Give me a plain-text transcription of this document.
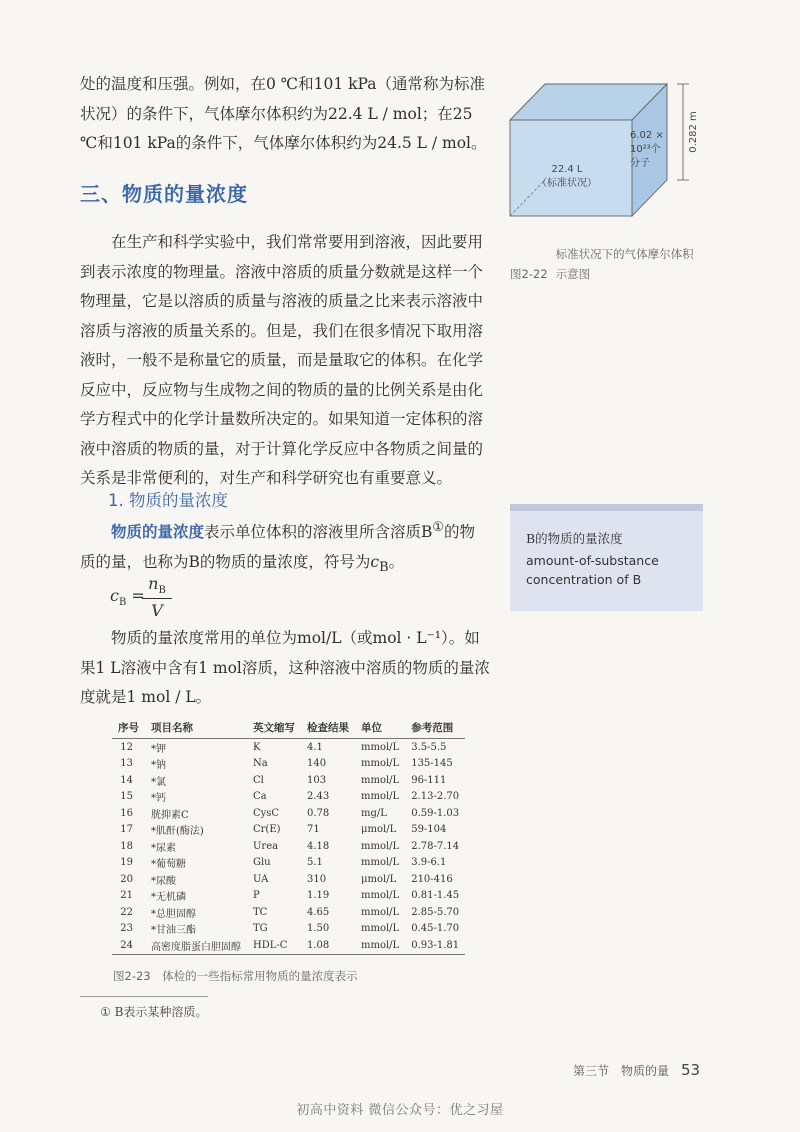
处的温度和压强。例如，在0 ℃和101 kPa（通常称为标准状况）的条件下，气体摩尔体积约为22.4 L / mol；在25 ℃和101 kPa的条件下，气体摩尔体积约为24.5 L / mol。

三、物质的量浓度

在生产和科学实验中，我们常常要用到溶液，因此要用到表示浓度的物理量。溶液中溶质的质量分数就是这样一个物理量，它是以溶质的质量与溶液的质量之比来表示溶液中溶质与溶液的质量关系的。但是，我们在很多情况下取用溶液时，一般不是称量它的质量，而是量取它的体积。在化学反应中，反应物与生成物之间的物质的量的比例关系是由化学方程式中的化学计量数所决定的。如果知道一定体积的溶液中溶质的物质的量，对于计算化学反应中各物质之间量的关系是非常便利的，对生产和科学研究也有重要意义。

1. 物质的量浓度

物质的量浓度表示单位体积的溶液里所含溶质B①的物质的量，也称为B的物质的量浓度，符号为$c_B$。

$c_B$ =
$\frac{n_B}{V}$

物质的量浓度常用的单位为mol/L（或mol · L⁻¹）。如果1 L溶液中含有1 mol溶质，这种溶液中溶质的物质的量浓度就是1 mol / L。

0.282 m
6.02 ×
10²³个
分子
22.4 L
（标准状况）
图2-22标准状况下的气体摩尔体积
示意图
B的物质的量浓度
amount-of-substance concentration of B
序号	项目名称	英文缩写	检查结果	单位	参考范围
12	*钾	K	4.1	mmol/L	3.5-5.5
13	*钠	Na	140	mmol/L	135-145
14	*氯	Cl	103	mmol/L	96-111
15	*钙	Ca	2.43	mmol/L	2.13-2.70
16	胱抑素C	CysC	0.78	mg/L	0.59-1.03
17	*肌酐(酶法)	Cr(E)	71	μmol/L	59-104
18	*尿素	Urea	4.18	mmol/L	2.78-7.14
19	*葡萄糖	Glu	5.1	mmol/L	3.9-6.1
20	*尿酸	UA	310	μmol/L	210-416
21	*无机磷	P	1.19	mmol/L	0.81-1.45
22	*总胆固醇	TC	4.65	mmol/L	2.85-5.70
23	*甘油三酯	TG	1.50	mmol/L	0.45-1.70
24	高密度脂蛋白胆固醇	HDL-C	1.08	mmol/L	0.93-1.81
图2-23　体检的一些指标常用物质的量浓度表示
① B表示某种溶质。
第三节　物质的量 53
初高中资料 微信公众号：优之习屋
